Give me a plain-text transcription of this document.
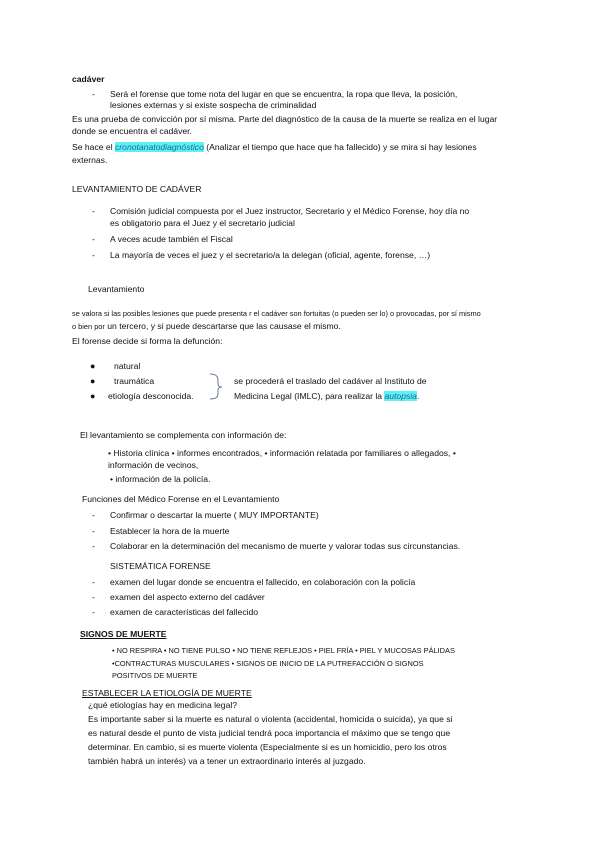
cadáver
- Será el forense que tome nota del lugar en que se encuentra, la ropa que lleva, la posición,
lesiones externas y si existe sospecha de criminalidad
Es una prueba de convicción por sí misma. Parte del diagnóstico de la causa de la muerte se realiza en el lugar
donde se encuentra el cadáver.
Se hace el cronotanatodiagnóstico (Analizar el tiempo que hace que ha fallecido) y se mira si hay lesiones
externas.
LEVANTAMIENTO DE CADÁVER
- Comisión judicial compuesta por el Juez instructor, Secretario y el Médico Forense, hoy día no
es obligatorio para el Juez y el secretario judicial
- A veces acude también el Fiscal
- La mayoría de veces el juez y el secretario/a la delegan (oficial, agente, forense, …)
Levantamiento
se valora si las posibles lesiones que puede presenta r el cadáver son fortuitas (o pueden ser lo) o provocadas, por sí mismo
o bien por un tercero, y si puede descartarse que las causase el mismo.
El forense decide si forma la defunción:
● natural
● traumática
● etiología desconocida.
se procederá el traslado del cadáver al Instituto de
Medicina Legal (IMLC), para realizar la autopsia.
El levantamiento se complementa con información de:
• Historia clínica • informes encontrados, • información relatada por familiares o allegados, •
información de vecinos,
• información de la policía.
Funciones del Médico Forense en el Levantamiento
- Confirmar o descartar la muerte ( MUY IMPORTANTE)
- Establecer la hora de la muerte
- Colaborar en la determinación del mecanismo de muerte y valorar todas sus circunstancias.
SISTEMÁTICA FORENSE
- examen del lugar donde se encuentra el fallecido, en colaboración con la policía
- examen del aspecto externo del cadáver
- examen de características del fallecido
SIGNOS DE MUERTE
• NO RESPIRA • NO TIENE PULSO • NO TIENE REFLEJOS • PIEL FRÍA • PIEL Y MUCOSAS PÁLIDAS
•CONTRACTURAS MUSCULARES • SIGNOS DE INICIO DE LA PUTREFACCIÓN O SIGNOS
POSITIVOS DE MUERTE
ESTABLECER LA ETIOLOGÍA DE MUERTE
¿qué etiologías hay en medicina legal?
Es importante saber si la muerte es natural o violenta (accidental, homicida o suicida), ya que si
es natural desde el punto de vista judicial tendrá poca importancia el máximo que se tengo que
determinar. En cambio, si es muerte violenta (Especialmente si es un homicidio, pero los otros
también habrá un interés) va a tener un extraordinario interés al juzgado.
